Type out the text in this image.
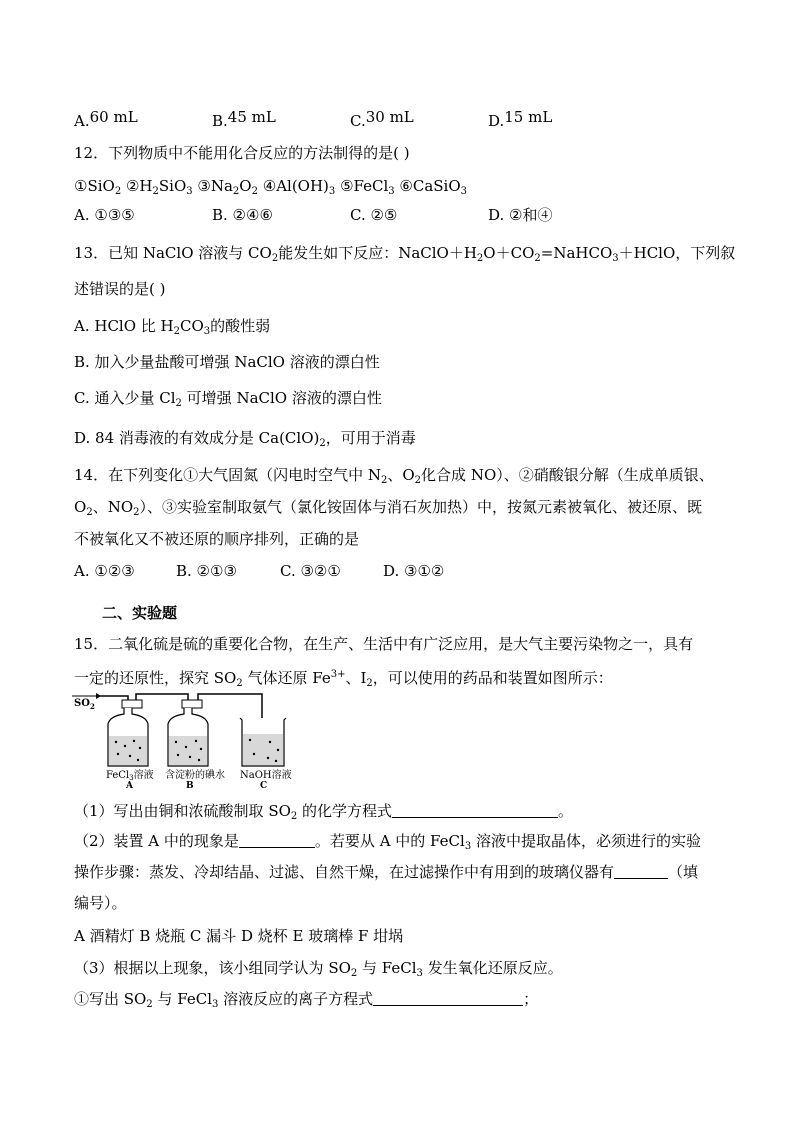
A.60 mL	B.45 mL	C.30 mL	D.15 mL
12．下列物质中不能用化合反应的方法制得的是( )
①SiO$_2$ $②H_2SiO_3$ $③Na_2O_2$ $④Al(OH)_3$ ⑤FeCl$_3$ ⑥CaSiO$_3$
A. ①③⑤	B. ②④⑥	C. ②⑤	D. ②和④
13．已知 NaClO 溶液与 $CO_2$能发生如下反应：$NaClO+H_2O+CO_2=NaHCO_3+HClO$，下列叙
述错误的是( )
A. HClO 比 $H_2CO_3$的酸性弱
B. 加入少量盐酸可增强 NaClO 溶液的漂白性
C. 通入少量 $Cl_2$ 可增强 NaClO 溶液的漂白性
D. 84 消毒液的有效成分是 $Ca(ClO)_2$，可用于消毒
14．在下列变化①大气固氮（闪电时空气中 $N_2$、$O_2$化合成 NO）、②硝酸银分解（生成单质银、
$O_2$、$NO_2$）、③实验室制取氨气（氯化铵固体与消石灰加热）中，按氮元素被氧化、被还原、既
不被氧化又不被还原的顺序排列，正确的是
A. ①②③	B. ②①③	C. ③②①	D. ③①②
二、实验题
15．二氧化硫是硫的重要化合物，在生产、生活中有广泛应用，是大气主要污染物之一，具有
一定的还原性，探究 $SO_2$ 气体还原 $Fe^{3+}$、$I_2$，可以使用的药品和装置如图所示：
$SO_2$
FeCl$_3$溶液 含淀粉的碘水 NaOH溶液
A	B	C
（1）写出由铜和浓硫酸制取 $SO_2$ 的化学方程式	。
（2）装置 A 中的现象是	。若要从 A 中的 FeCl$_3$ 溶液中提取晶体，必须进行的实验
操作步骤：蒸发、冷却结晶、过滤、自然干燥，在过滤操作中有用到的玻璃仪器有	（填
编号）。
A 酒精灯 B 烧瓶 C 漏斗 D 烧杯 E 玻璃棒 F 坩埚
（3）根据以上现象，该小组同学认为 $SO_2$ 与 FeCl$_3$ 发生氧化还原反应。
①写出 $SO_2$ 与 FeCl$_3$ 溶液反应的离子方程式	；
